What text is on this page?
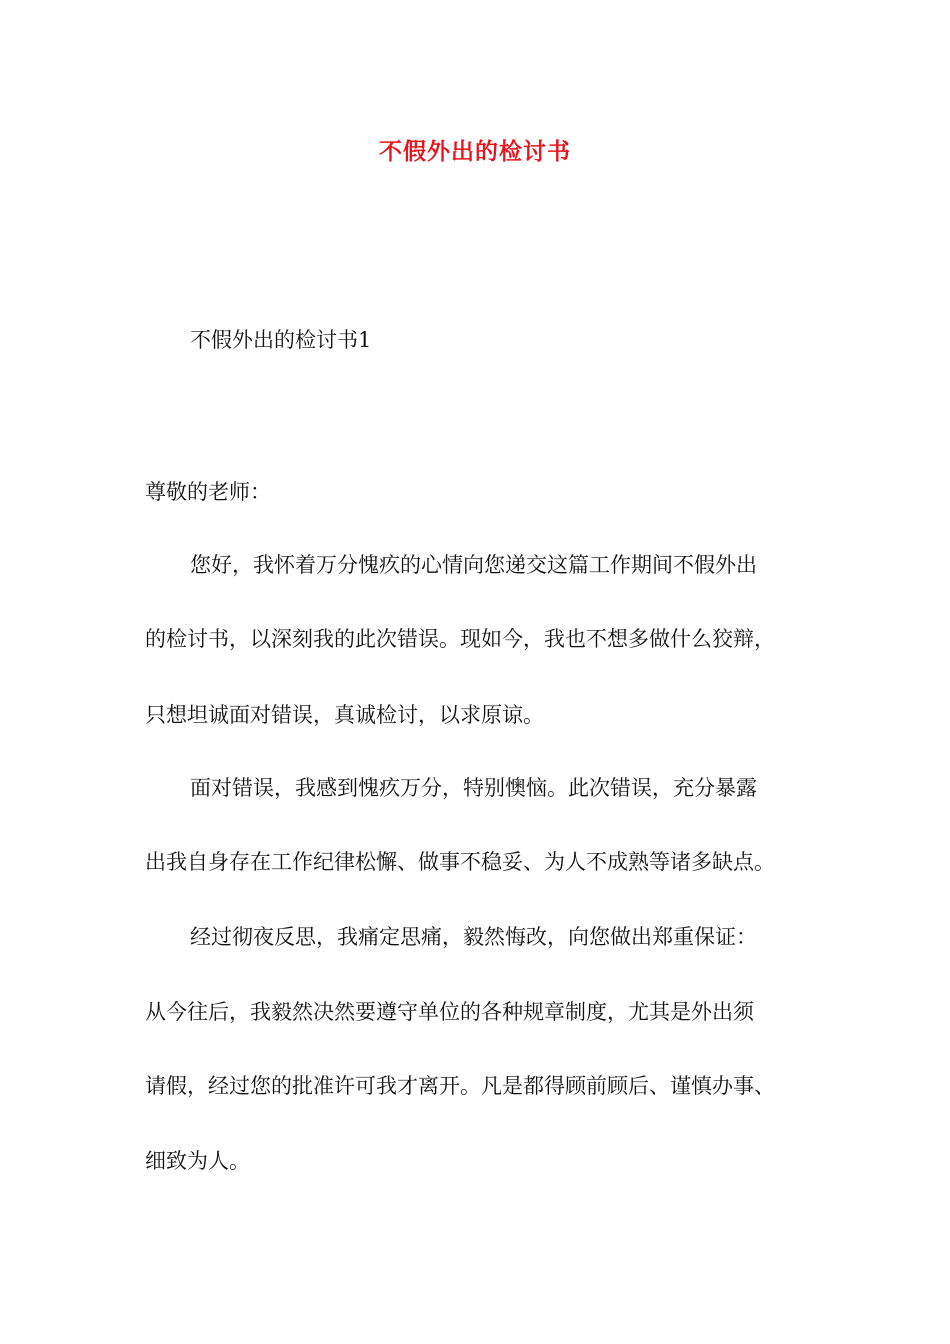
不假外出的检讨书
不假外出的检讨书1
尊敬的老师：
您好，我怀着万分愧疚的心情向您递交这篇工作期间不假外出
的检讨书，以深刻我的此次错误。现如今，我也不想多做什么狡辩，
只想坦诚面对错误，真诚检讨，以求原谅。
面对错误，我感到愧疚万分，特别懊恼。此次错误，充分暴露
出我自身存在工作纪律松懈、做事不稳妥、为人不成熟等诸多缺点。
经过彻夜反思，我痛定思痛，毅然悔改，向您做出郑重保证：
从今往后，我毅然决然要遵守单位的各种规章制度，尤其是外出须
请假，经过您的批准许可我才离开。凡是都得顾前顾后、谨慎办事、
细致为人。
